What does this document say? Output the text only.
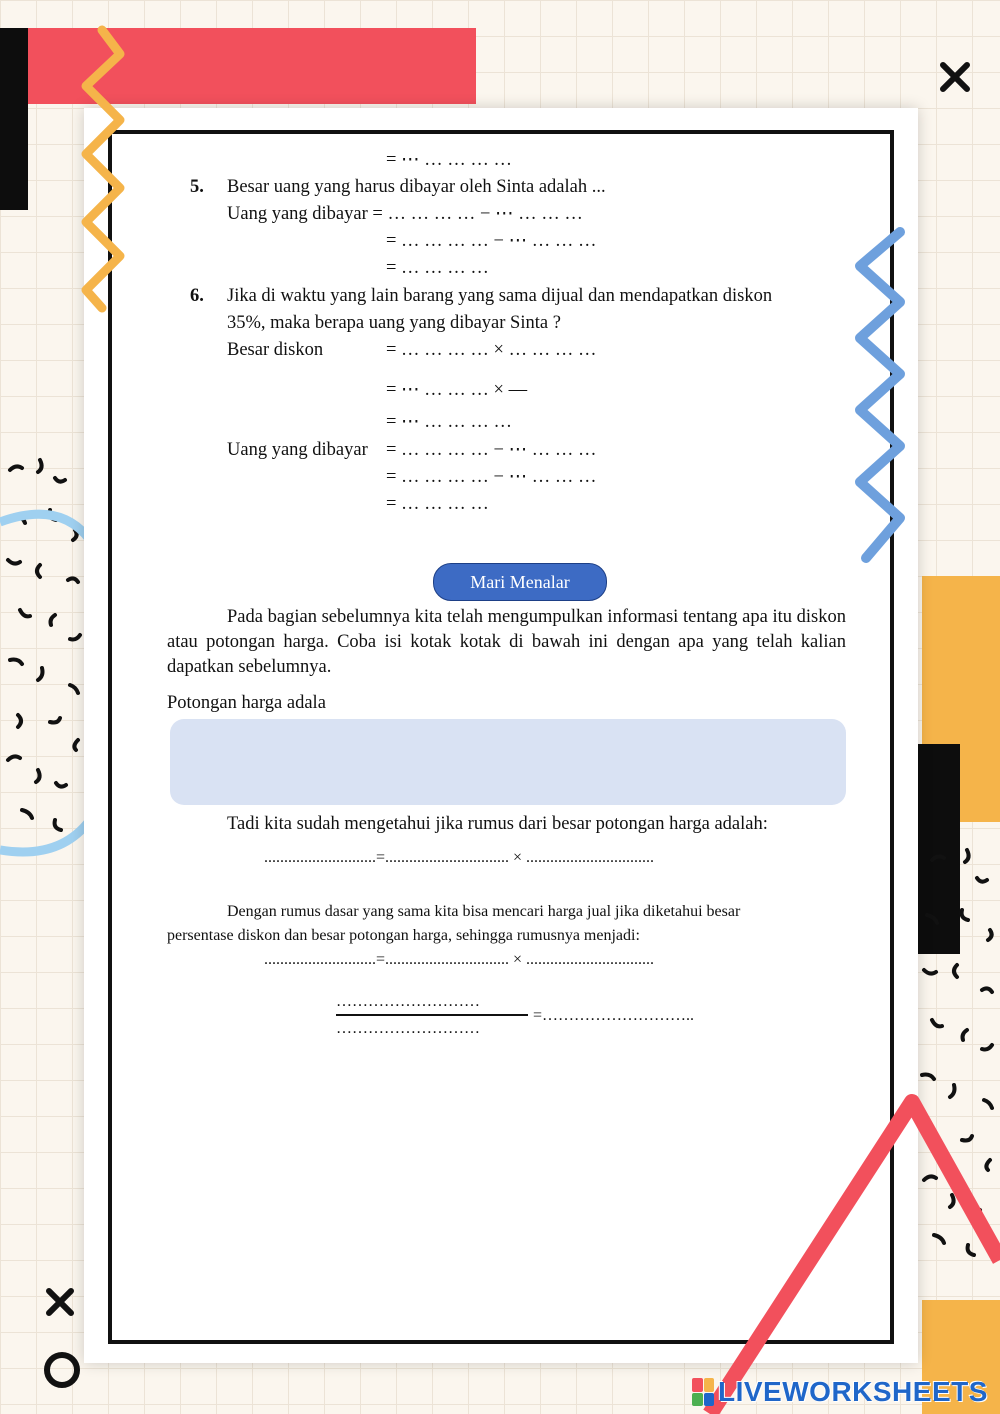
= ⋯ … … … …
5. Besar uang yang harus dibayar oleh Sinta adalah ...
Uang yang dibayar = … … … … − ⋯ … … …
= … … … … − ⋯ … … …
= … … … …
6. Jika di waktu yang lain barang yang sama dijual dan mendapatkan diskon
35%, maka berapa uang yang dibayar Sinta ?
Besar diskon	= … … … … × … … … …
= ⋯ … … … × —
= ⋯ … … … …
Uang yang dibayar = … … … … − ⋯ … … …
= … … … … − ⋯ … … …
= … … … …
Mari Menalar
Pada bagian sebelumnya kita telah mengumpulkan informasi tentang apa itu diskon atau potongan harga. Coba isi kotak kotak di bawah ini dengan apa yang telah kalian dapatkan sebelumnya.
Potongan harga adala
Tadi kita sudah mengetahui jika rumus dari besar potongan harga adalah:
............................=............................... × ................................
Dengan rumus dasar yang sama kita bisa mencari harga jual jika diketahui besar
persentase diskon dan besar potongan harga, sehingga rumusnya menjadi:
............................=............................... × ................................
………………………
………………………
=………………………..
LIVEWORKSHEETS
